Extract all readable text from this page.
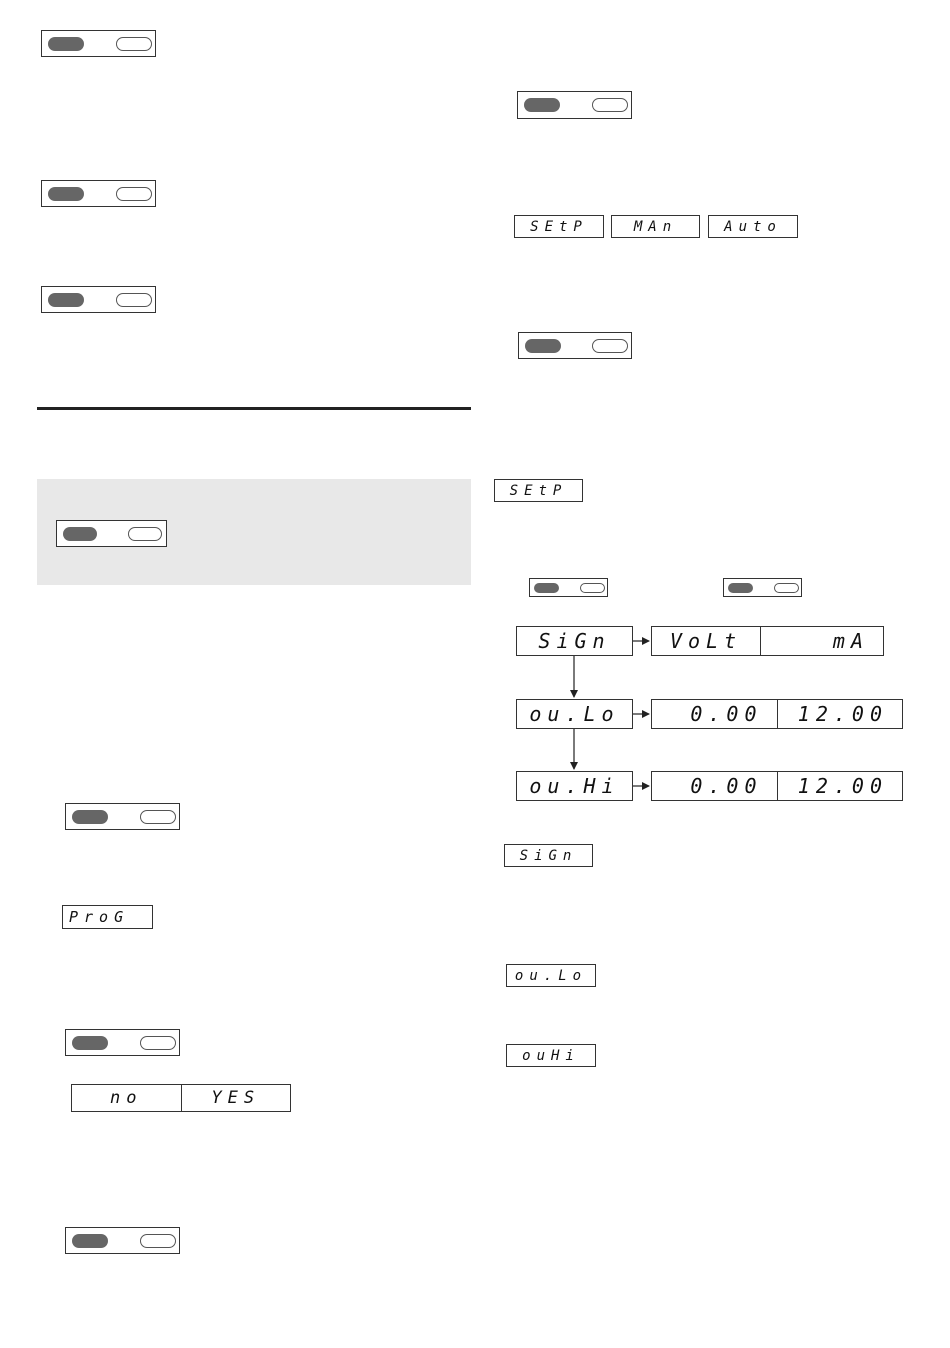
ProG
no	YES
SEtP	MAn	Auto
SEtP
SiGn	VoLt	mA
ou.Lo	0.00	12.00
ou.Hi	0.00	12.00
SiGn
ou.Lo
ouHi
